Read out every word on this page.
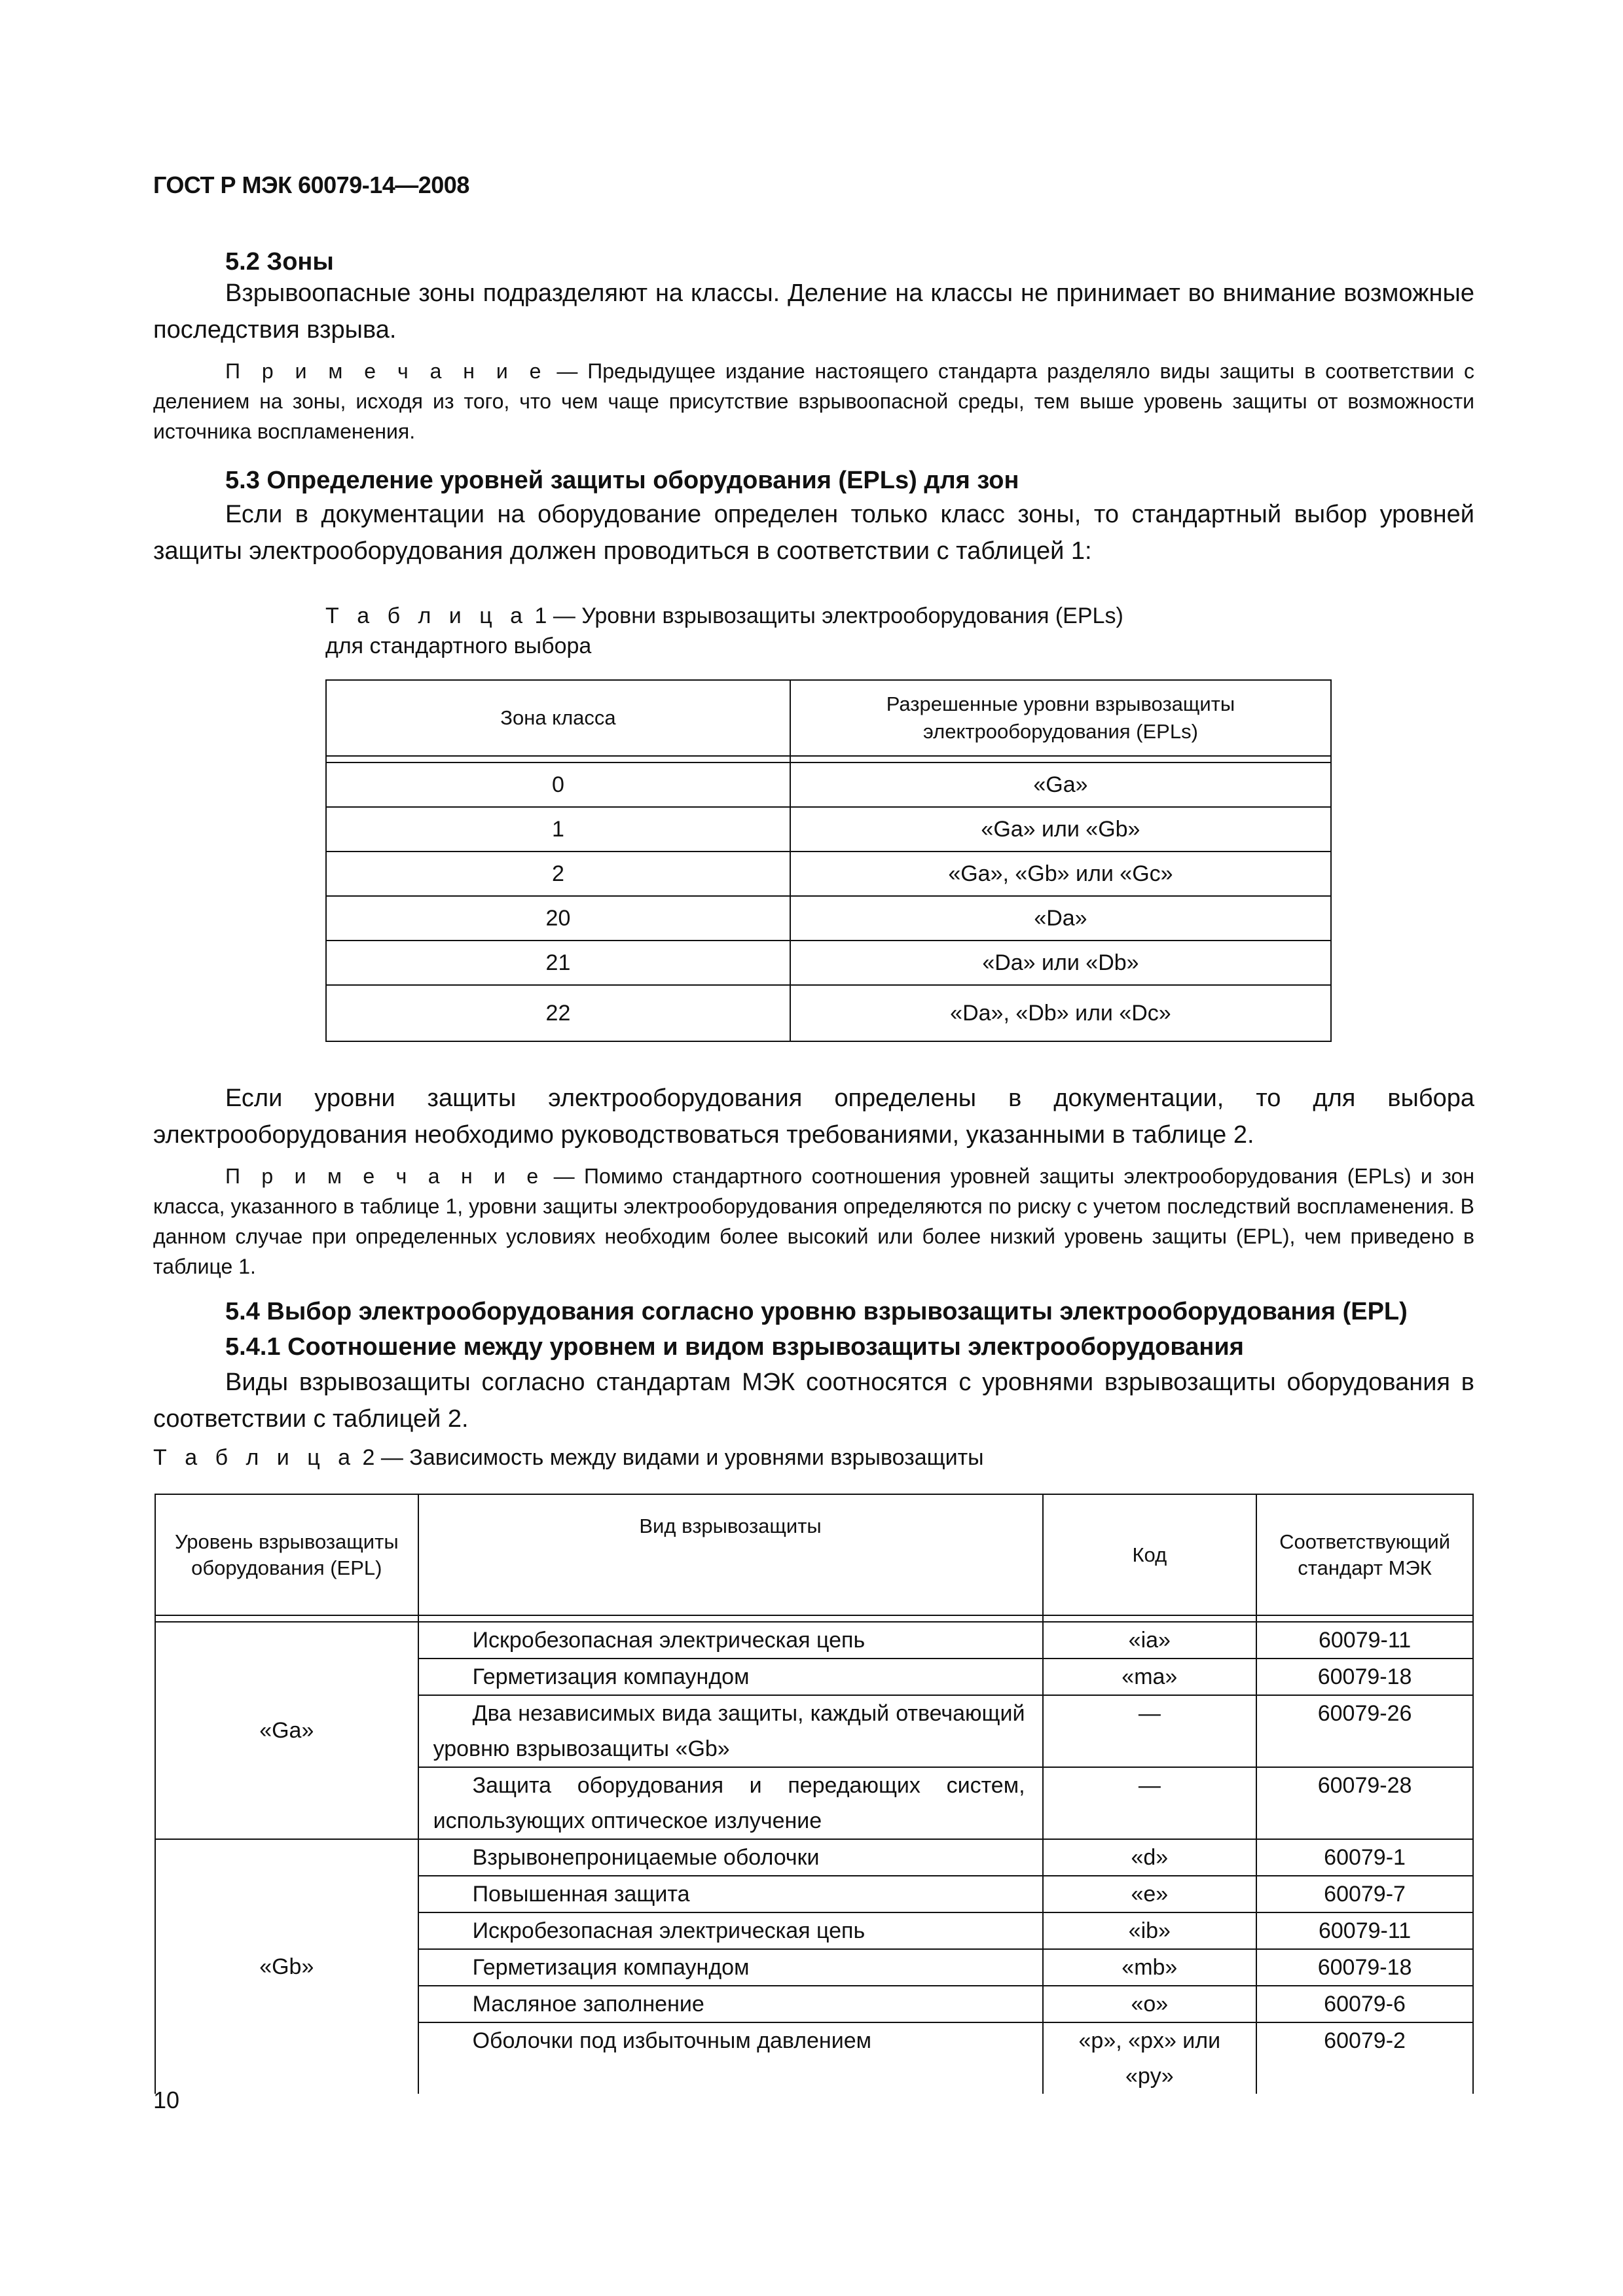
ГОСТ Р МЭК 60079-14—2008
5.2 Зоны
Взрывоопасные зоны подразделяют на классы. Деление на классы не принимает во внимание возможные последствия взрыва.
П р и м е ч а н и е — Предыдущее издание настоящего стандарта разделяло виды защиты в соответствии с делением на зоны, исходя из того, что чем чаще присутствие взрывоопасной среды, тем выше уровень защиты от возможности источника воспламенения.
5.3 Определение уровней защиты оборудования (EPLs) для зон
Если в документации на оборудование определен только класс зоны, то стандартный выбор уровней защиты электрооборудования должен проводиться в соответствии с таблицей 1:
Т а б л и ц а 1 — Уровни взрывозащиты электрооборудования (EPLs)
для стандартного выбора
Зона класса	Разрешенные уровни взрывозащиты электрооборудования (EPLs)

0	«Ga»
1	«Ga» или «Gb»
2	«Ga», «Gb» или «Gc»
20	«Da»
21	«Da» или «Db»
22	«Da», «Db» или «Dc»
Если уровни защиты электрооборудования определены в документации, то для выбора электрооборудования необходимо руководствоваться требованиями, указанными в таблице 2.
П р и м е ч а н и е — Помимо стандартного соотношения уровней защиты электрооборудования (EPLs) и зон класса, указанного в таблице 1, уровни защиты электрооборудования определяются по риску с учетом последствий воспламенения. В данном случае при определенных условиях необходим более высокий или более низкий уровень защиты (EPL), чем приведено в таблице 1.
5.4 Выбор электрооборудования согласно уровню взрывозащиты электрооборудования (EPL)
5.4.1 Соотношение между уровнем и видом взрывозащиты электрооборудования
Виды взрывозащиты согласно стандартам МЭК соотносятся с уровнями взрывозащиты оборудования в соответствии с таблицей 2.
Т а б л и ц а 2 — Зависимость между видами и уровнями взрывозащиты
Уровень взрывозащиты оборудования (EPL)	Вид взрывозащиты	Код	Соответствующий стандарт МЭК

«Ga»	Искробезопасная электрическая цепь	«ia»	60079-11

	Герметизация компаундом	«ma»	60079-18

	Два независимых вида защиты, каждый отвечающий уровню взрывозащиты «Gb»	—	60079-26

	Защита оборудования и передающих систем, использующих оптическое излучение	—	60079-28
«Gb»	Взрывонепроницаемые оболочки	«d»	60079-1

	Повышенная защита	«e»	60079-7

	Искробезопасная электрическая цепь	«ib»	60079-11

	Герметизация компаундом	«mb»	60079-18

	Масляное заполнение	«o»	60079-6

	Оболочки под избыточным давлением	«p», «px» или «py»	60079-2
10
